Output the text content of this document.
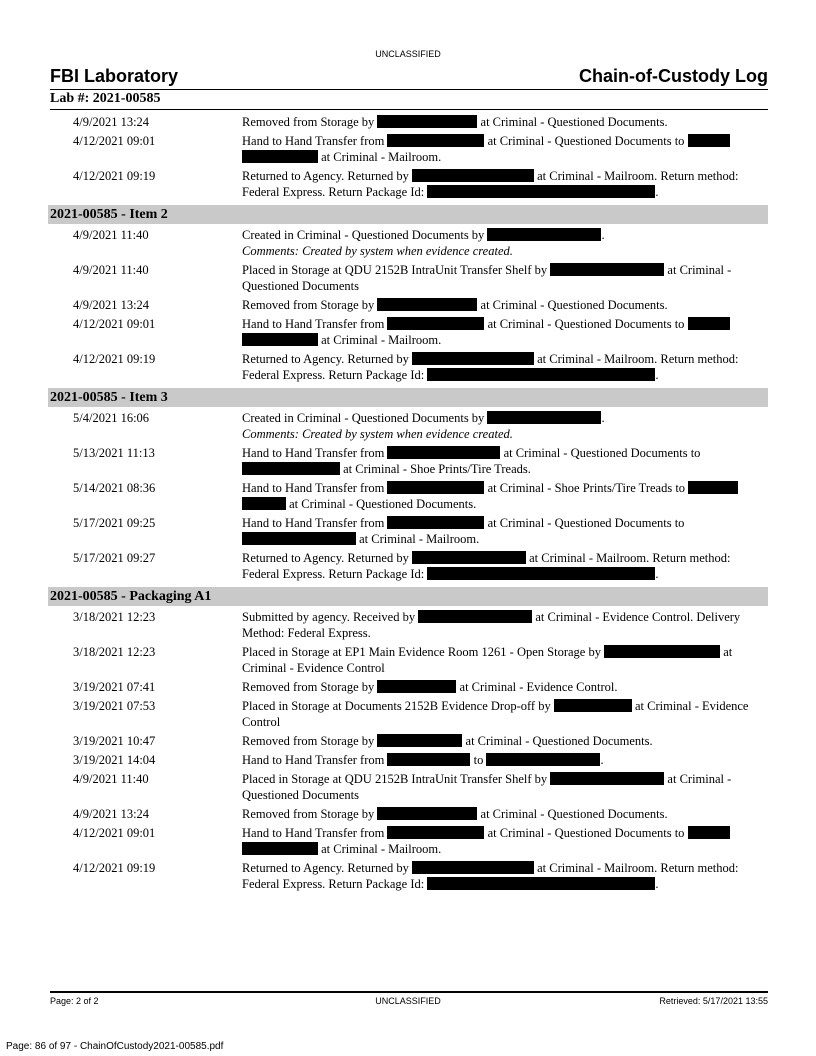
UNCLASSIFIED
FBI Laboratory	Chain-of-Custody Log
Lab #: 2021-00585
4/9/2021 13:24	Removed from Storage by	at Criminal - Questioned Documents.
4/12/2021 09:01	Hand to Hand Transfer from	at Criminal - Questioned Documents to   at Criminal - Mailroom.
4/12/2021 09:19	Returned to Agency. Returned by	at Criminal - Mailroom. Return method: Federal Express. Return Package Id:	.
2021-00585 - Item 2
4/9/2021 11:40	Created in Criminal - Questioned Documents by	.
Comments: Created by system when evidence created.
4/9/2021 11:40	Placed in Storage at QDU 2152B IntraUnit Transfer Shelf by	at Criminal - Questioned Documents
4/9/2021 13:24	Removed from Storage by	at Criminal - Questioned Documents.
4/12/2021 09:01	Hand to Hand Transfer from	at Criminal - Questioned Documents to   at Criminal - Mailroom.
4/12/2021 09:19	Returned to Agency. Returned by	at Criminal - Mailroom. Return method: Federal Express. Return Package Id:	.
2021-00585 - Item 3
5/4/2021 16:06	Created in Criminal - Questioned Documents by	.
Comments: Created by system when evidence created.
5/13/2021 11:13	Hand to Hand Transfer from	at Criminal - Questioned Documents to  at Criminal - Shoe Prints/Tire Treads.
5/14/2021 08:36	Hand to Hand Transfer from	at Criminal - Shoe Prints/Tire Treads to   at Criminal - Questioned Documents.
5/17/2021 09:25	Hand to Hand Transfer from	at Criminal - Questioned Documents to  at Criminal - Mailroom.
5/17/2021 09:27	Returned to Agency. Returned by	at Criminal - Mailroom. Return method: Federal Express. Return Package Id:	.
2021-00585 - Packaging A1
3/18/2021 12:23	Submitted by agency. Received by	at Criminal - Evidence Control. Delivery Method: Federal Express.
3/18/2021 12:23	Placed in Storage at EP1 Main Evidence Room 1261 - Open Storage by	at Criminal - Evidence Control
3/19/2021 07:41	Removed from Storage by	at Criminal - Evidence Control.
3/19/2021 07:53	Placed in Storage at Documents 2152B Evidence Drop-off by	at Criminal - Evidence Control
3/19/2021 10:47	Removed from Storage by	at Criminal - Questioned Documents.
3/19/2021 14:04	Hand to Hand Transfer from	to	.
4/9/2021 11:40	Placed in Storage at QDU 2152B IntraUnit Transfer Shelf by	at Criminal - Questioned Documents
4/9/2021 13:24	Removed from Storage by	at Criminal - Questioned Documents.
4/12/2021 09:01	Hand to Hand Transfer from	at Criminal - Questioned Documents to   at Criminal - Mailroom.
4/12/2021 09:19	Returned to Agency. Returned by	at Criminal - Mailroom. Return method: Federal Express. Return Package Id:	.
Page: 2 of 2	UNCLASSIFIED	Retrieved: 5/17/2021 13:55
Page: 86 of 97 - ChainOfCustody2021-00585.pdf
